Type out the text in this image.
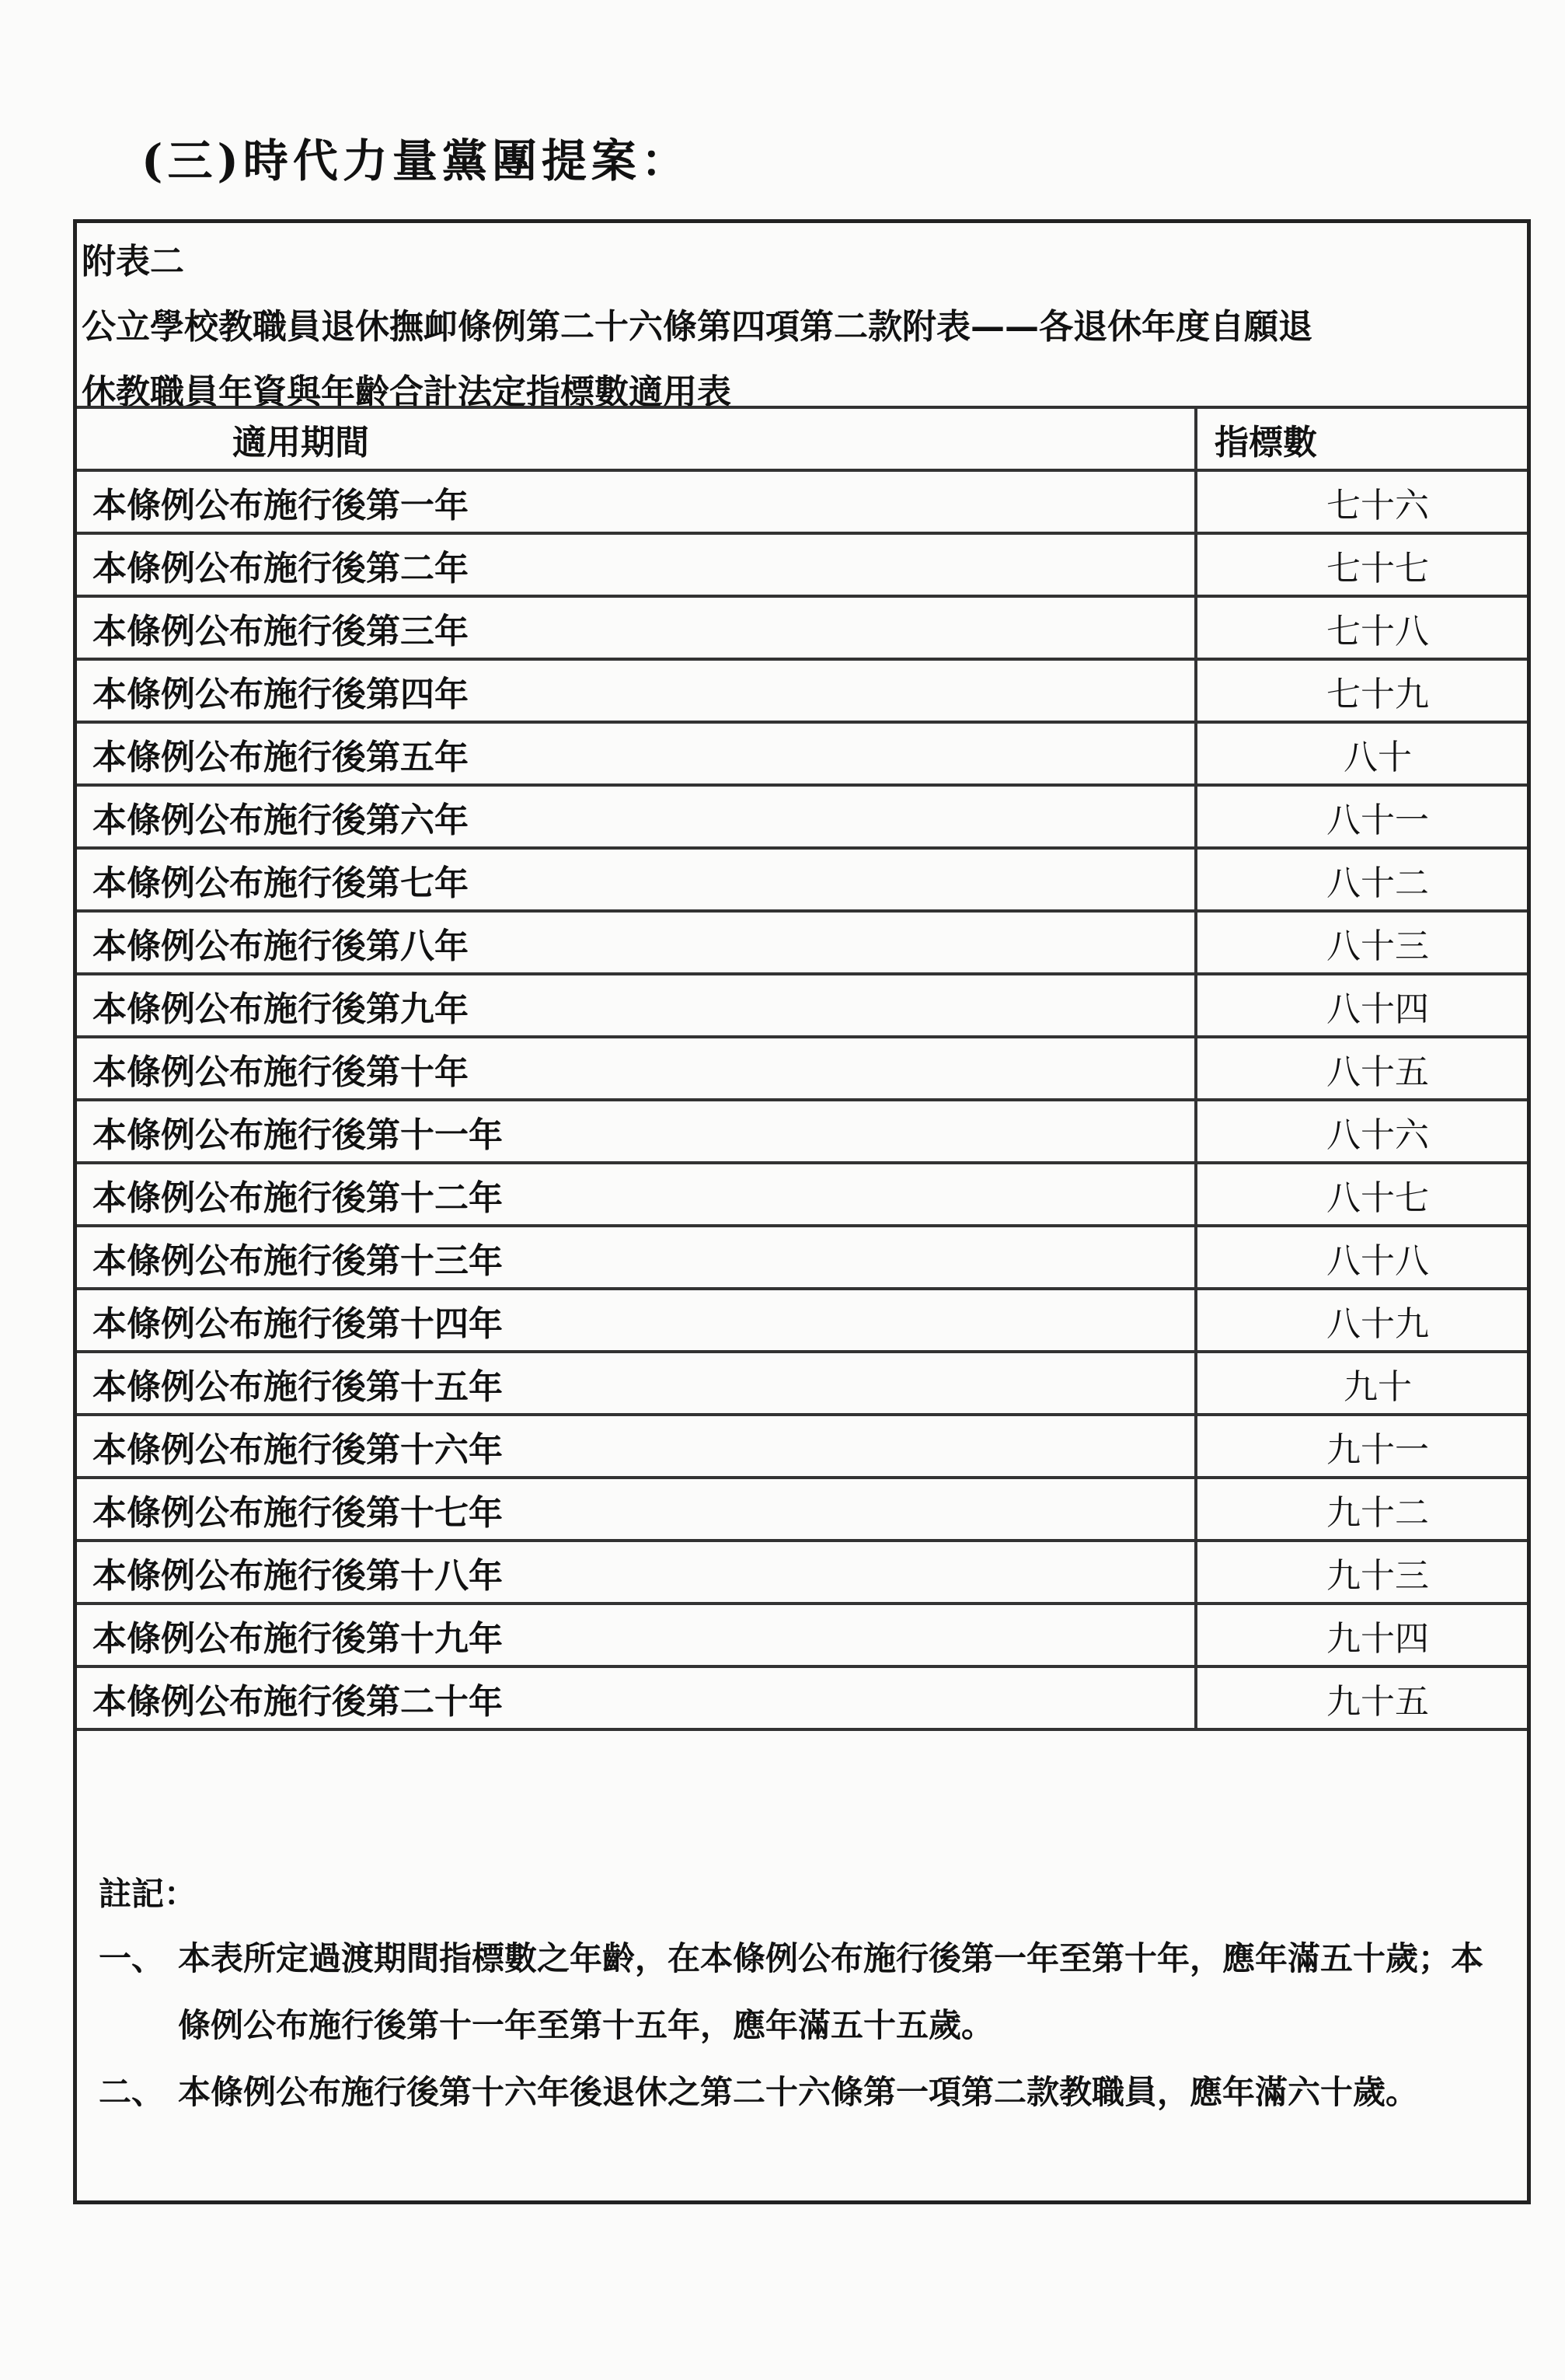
(三)時代力量黨團提案：
附表二
公立學校教職員退休撫卹條例第二十六條第四項第二款附表——各退休年度自願退
休教職員年資與年齡合計法定指標數適用表
適用期間	指標數
本條例公布施行後第一年	七十六
本條例公布施行後第二年	七十七
本條例公布施行後第三年	七十八
本條例公布施行後第四年	七十九
本條例公布施行後第五年	八十
本條例公布施行後第六年	八十一
本條例公布施行後第七年	八十二
本條例公布施行後第八年	八十三
本條例公布施行後第九年	八十四
本條例公布施行後第十年	八十五
本條例公布施行後第十一年	八十六
本條例公布施行後第十二年	八十七
本條例公布施行後第十三年	八十八
本條例公布施行後第十四年	八十九
本條例公布施行後第十五年	九十
本條例公布施行後第十六年	九十一
本條例公布施行後第十七年	九十二
本條例公布施行後第十八年	九十三
本條例公布施行後第十九年	九十四
本條例公布施行後第二十年	九十五
註記：
一、 本表所定過渡期間指標數之年齡，在本條例公布施行後第一年至第十年，應年滿五十歲；本條例公布施行後第十一年至第十五年，應年滿五十五歲。
二、 本條例公布施行後第十六年後退休之第二十六條第一項第二款教職員，應年滿六十歲。
